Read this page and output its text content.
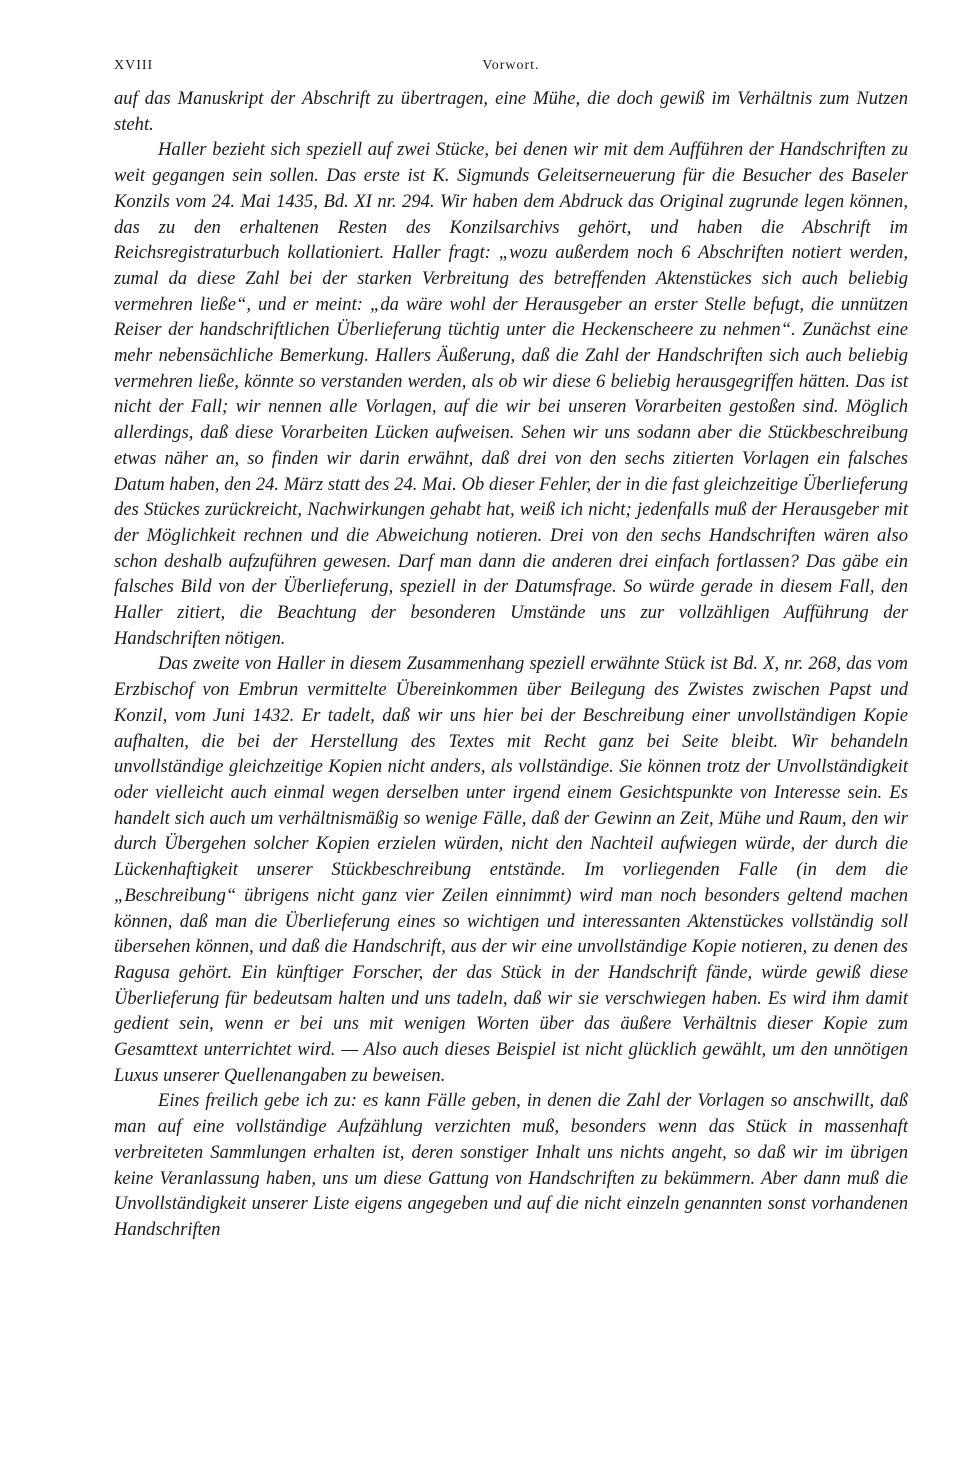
XVIII	Vorwort.

auf das Manuskript der Abschrift zu übertragen, eine Mühe, die doch gewiß im Verhältnis zum Nutzen steht.

Haller bezieht sich speziell auf zwei Stücke, bei denen wir mit dem Aufführen der Handschriften zu weit gegangen sein sollen. Das erste ist K. Sigmunds Geleitserneuerung für die Besucher des Baseler Konzils vom 24. Mai 1435, Bd. XI nr. 294. Wir haben dem Abdruck das Original zugrunde legen können, das zu den erhaltenen Resten des Konzilsarchivs gehört, und haben die Abschrift im Reichsregistraturbuch kollationiert. Haller fragt: „wozu außerdem noch 6 Abschriften notiert werden, zumal da diese Zahl bei der starken Verbreitung des betreffenden Aktenstückes sich auch beliebig vermehren ließe“, und er meint: „da wäre wohl der Herausgeber an erster Stelle befugt, die unnützen Reiser der handschriftlichen Überlieferung tüchtig unter die Heckenscheere zu nehmen“. Zunächst eine mehr nebensächliche Bemerkung. Hallers Äußerung, daß die Zahl der Handschriften sich auch beliebig vermehren ließe, könnte so verstanden werden, als ob wir diese 6 beliebig herausgegriffen hätten. Das ist nicht der Fall; wir nennen alle Vorlagen, auf die wir bei unseren Vorarbeiten gestoßen sind. Möglich allerdings, daß diese Vorarbeiten Lücken aufweisen. Sehen wir uns sodann aber die Stückbeschreibung etwas näher an, so finden wir darin erwähnt, daß drei von den sechs zitierten Vorlagen ein falsches Datum haben, den 24. März statt des 24. Mai. Ob dieser Fehler, der in die fast gleichzeitige Überlieferung des Stückes zurückreicht, Nachwirkungen gehabt hat, weiß ich nicht; jedenfalls muß der Herausgeber mit der Möglichkeit rechnen und die Abweichung notieren. Drei von den sechs Handschriften wären also schon deshalb aufzuführen gewesen. Darf man dann die anderen drei einfach fortlassen? Das gäbe ein falsches Bild von der Überlieferung, speziell in der Datumsfrage. So würde gerade in diesem Fall, den Haller zitiert, die Beachtung der besonderen Umstände uns zur vollzähligen Aufführung der Handschriften nötigen.

Das zweite von Haller in diesem Zusammenhang speziell erwähnte Stück ist Bd. X, nr. 268, das vom Erzbischof von Embrun vermittelte Übereinkommen über Beilegung des Zwistes zwischen Papst und Konzil, vom Juni 1432. Er tadelt, daß wir uns hier bei der Beschreibung einer unvollständigen Kopie aufhalten, die bei der Herstellung des Textes mit Recht ganz bei Seite bleibt. Wir behandeln unvollständige gleichzeitige Kopien nicht anders, als vollständige. Sie können trotz der Unvollständigkeit oder vielleicht auch einmal wegen derselben unter irgend einem Gesichtspunkte von Interesse sein. Es handelt sich auch um verhältnismäßig so wenige Fälle, daß der Gewinn an Zeit, Mühe und Raum, den wir durch Übergehen solcher Kopien erzielen würden, nicht den Nachteil aufwiegen würde, der durch die Lückenhaftigkeit unserer Stückbeschreibung entstände. Im vorliegenden Falle (in dem die „Beschreibung“ übrigens nicht ganz vier Zeilen einnimmt) wird man noch besonders geltend machen können, daß man die Überlieferung eines so wichtigen und interessanten Aktenstückes vollständig soll übersehen können, und daß die Handschrift, aus der wir eine unvollständige Kopie notieren, zu denen des Ragusa gehört. Ein künftiger Forscher, der das Stück in der Handschrift fände, würde gewiß diese Überlieferung für bedeutsam halten und uns tadeln, daß wir sie verschwiegen haben. Es wird ihm damit gedient sein, wenn er bei uns mit wenigen Worten über das äußere Verhältnis dieser Kopie zum Gesamttext unterrichtet wird. — Also auch dieses Beispiel ist nicht glücklich gewählt, um den unnötigen Luxus unserer Quellenangaben zu beweisen.

Eines freilich gebe ich zu: es kann Fälle geben, in denen die Zahl der Vorlagen so anschwillt, daß man auf eine vollständige Aufzählung verzichten muß, besonders wenn das Stück in massenhaft verbreiteten Sammlungen erhalten ist, deren sonstiger Inhalt uns nichts angeht, so daß wir im übrigen keine Veranlassung haben, uns um diese Gattung von Handschriften zu bekümmern. Aber dann muß die Unvollständigkeit unserer Liste eigens angegeben und auf die nicht einzeln genannten sonst vorhandenen Handschriften
